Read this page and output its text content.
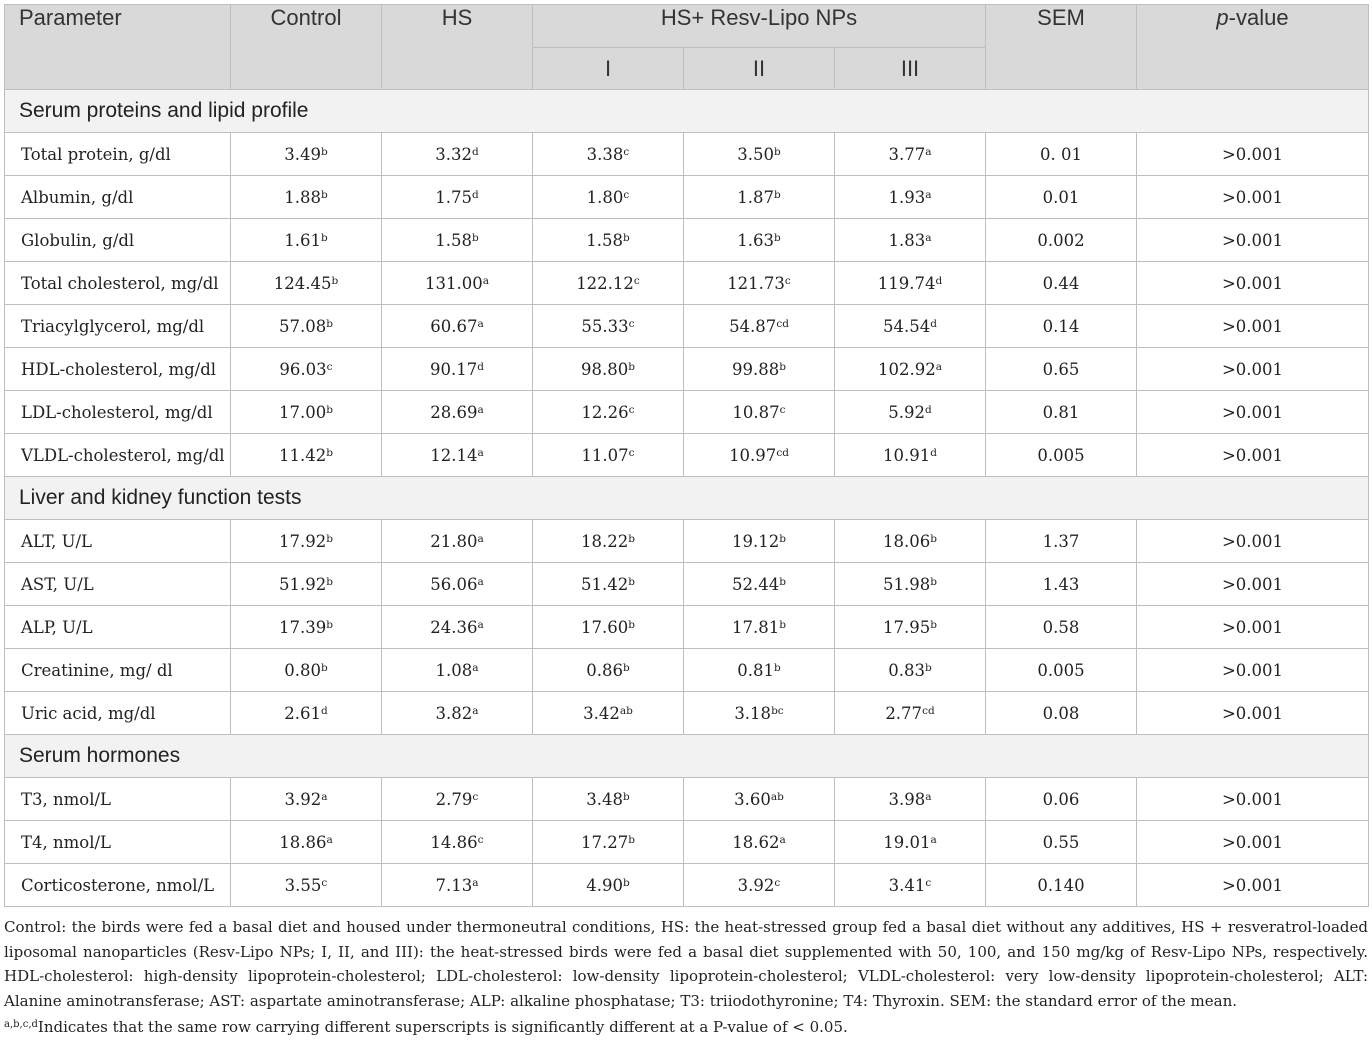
Parameter	Control	HS	HS+ Resv-Lipo NPs			SEM	p-value
			I	II	III		
Serum proteins and lipid profile							
Total protein, g/dl	3.49$^b$	3.32$^d$	3.38$^c$	3.50$^b$	3.77$^a$	0. 01	>0.001
Albumin, g/dl	1.88$^b$	1.75$^d$	1.80$^c$	1.87$^b$	1.93$^a$	0.01	>0.001
Globulin, g/dl	1.61$^b$	1.58$^b$	1.58$^b$	1.63$^b$	1.83$^a$	0.002	>0.001
Total cholesterol, mg/dl	124.45$^b$	131.00$^a$	122.12$^c$	121.73$^c$	119.74$^d$	0.44	>0.001
Triacylglycerol, mg/dl	57.08$^b$	60.67$^a$	55.33$^c$	54.87$^{cd}$	54.54$^d$	0.14	>0.001
HDL-cholesterol, mg/dl	96.03$^c$	90.17$^d$	98.80$^b$	99.88$^b$	102.92$^a$	0.65	>0.001
LDL-cholesterol, mg/dl	17.00$^b$	28.69$^a$	12.26$^c$	10.87$^c$	5.92$^d$	0.81	>0.001
VLDL-cholesterol, mg/dl	11.42$^b$	12.14$^a$	11.07$^c$	10.97$^{cd}$	10.91$^d$	0.005	>0.001
Liver and kidney function tests							
ALT, U/L	17.92$^b$	21.80$^a$	18.22$^b$	19.12$^b$	18.06$^b$	1.37	>0.001
AST, U/L	51.92$^b$	56.06$^a$	51.42$^b$	52.44$^b$	51.98$^b$	1.43	>0.001
ALP, U/L	17.39$^b$	24.36$^a$	17.60$^b$	17.81$^b$	17.95$^b$	0.58	>0.001
Creatinine, mg/ dl	0.80$^b$	1.08$^a$	0.86$^b$	0.81$^b$	0.83$^b$	0.005	>0.001
Uric acid, mg/dl	2.61$^d$	3.82$^a$	3.42$^{ab}$	3.18$^{bc}$	2.77$^{cd}$	0.08	>0.001
Serum hormones							
T3, nmol/L	3.92$^a$	2.79$^c$	3.48$^b$	3.60$^{ab}$	3.98$^a$	0.06	>0.001
T4, nmol/L	18.86$^a$	14.86$^c$	17.27$^b$	18.62$^a$	19.01$^a$	0.55	>0.001
Corticosterone, nmol/L	3.55$^c$	7.13$^a$	4.90$^b$	3.92$^c$	3.41$^c$	0.140	>0.001

Control: the birds were fed a basal diet and housed under thermoneutral conditions, HS: the heat-stressed group fed a basal diet without any additives, HS + resveratrol-loaded liposomal nanoparticles (Resv-Lipo NPs; I, II, and III): the heat-stressed birds were fed a basal diet supplemented with 50, 100, and 150 mg/kg of Resv-Lipo NPs, respectively. HDL-cholesterol: high-density lipoprotein-cholesterol; LDL-cholesterol: low-density lipoprotein-cholesterol; VLDL-cholesterol: very low-density lipoprotein-cholesterol; ALT: Alanine aminotransferase; AST: aspartate aminotransferase; ALP: alkaline phosphatase; T3: triiodothyronine; T4: Thyroxin. SEM: the standard error of the mean.

$^{a,b,c,d}$Indicates that the same row carrying different superscripts is significantly different at a P-value of < 0.05.
